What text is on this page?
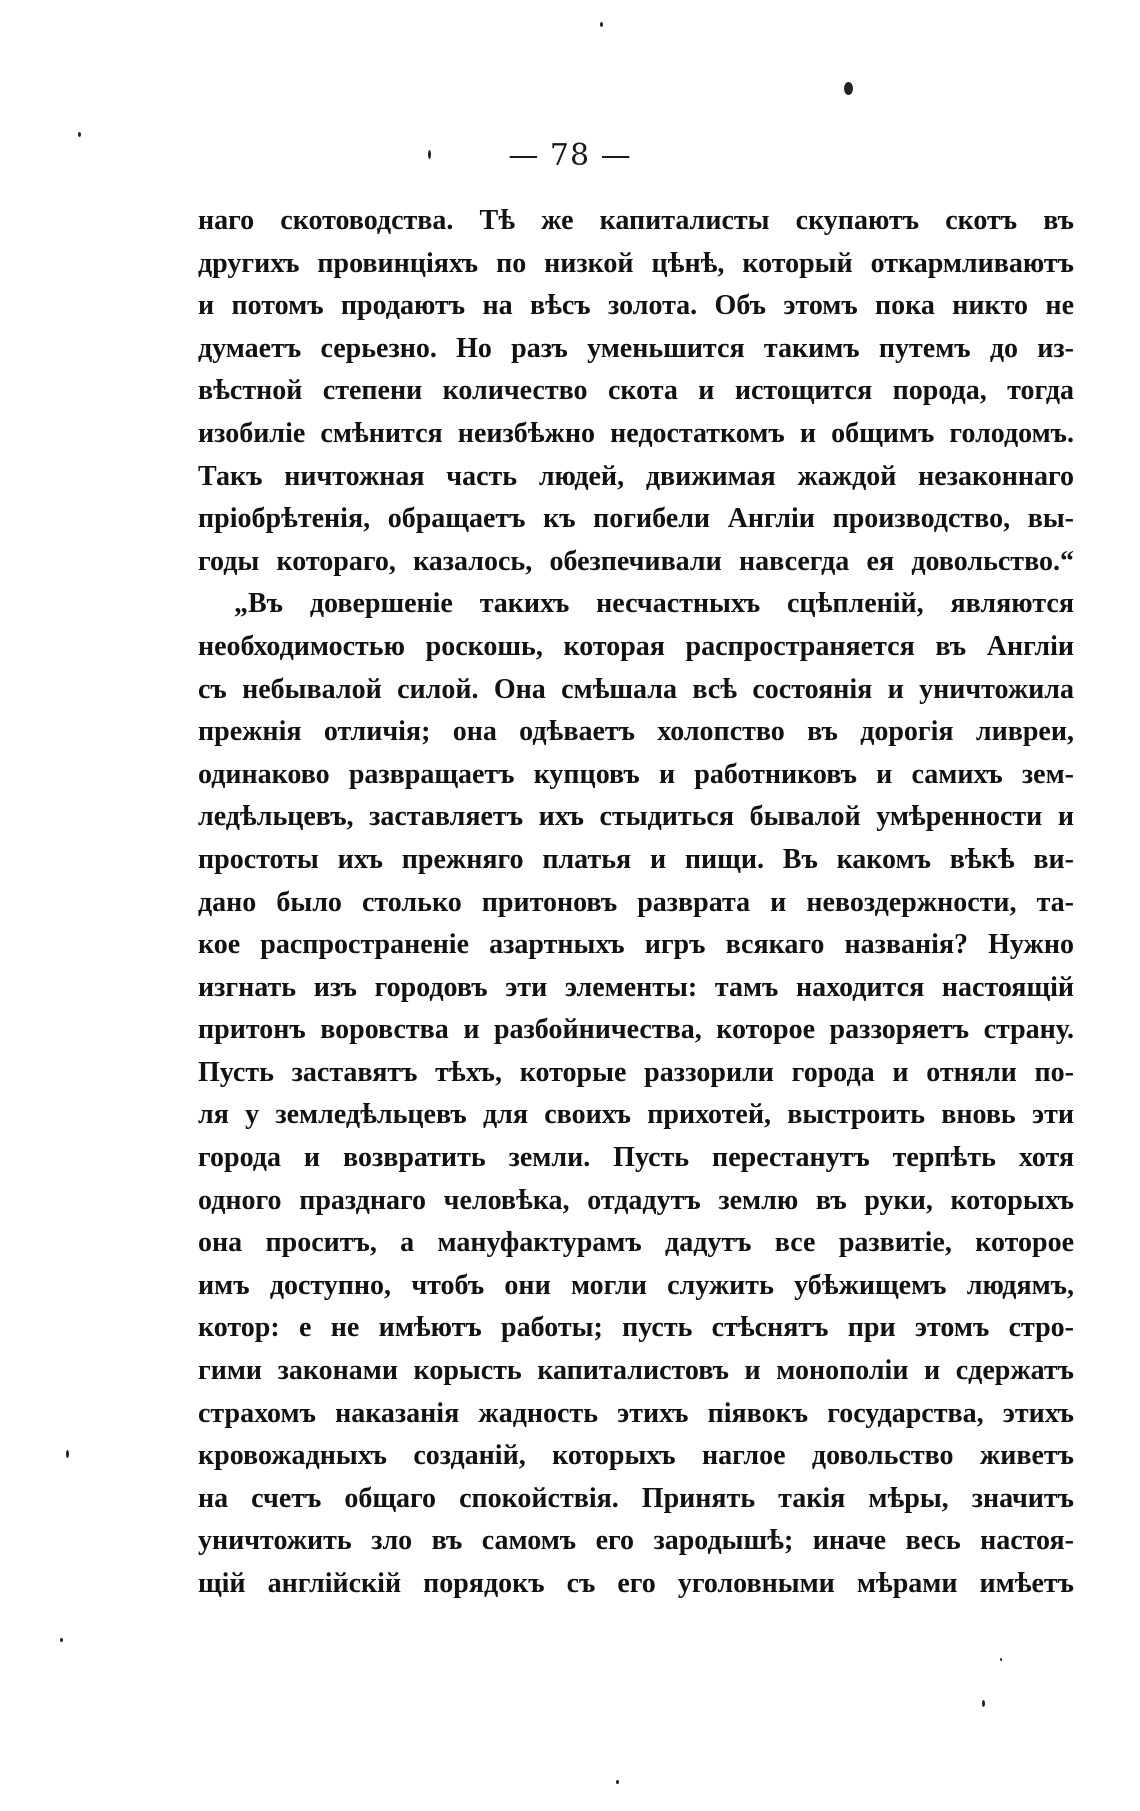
— 78 —
наго скотоводства. Тѣ же капиталисты скупаютъ скотъ въ
другихъ провинціяхъ по низкой цѣнѣ, который откармливаютъ
и потомъ продаютъ на вѣсъ золота. Объ этомъ пока никто не
думаетъ серьезно. Но разъ уменьшится такимъ путемъ до из-
вѣстной степени количество скота и истощится порода, тогда
изобиліе смѣнится неизбѣжно недостаткомъ и общимъ голодомъ.
Такъ ничтожная часть людей, движимая жаждой незаконнаго
пріобрѣтенія, обращаетъ къ погибели Англіи производство, вы-
годы котораго, казалось, обезпечивали навсегда ея довольство.“
„Въ довершеніе такихъ несчастныхъ сцѣпленій, являются
необходимостью роскошь, которая распространяется въ Англіи
съ небывалой силой. Она смѣшала всѣ состоянія и уничтожила
прежнія отличія; она одѣваетъ холопство въ дорогія ливреи,
одинаково развращаетъ купцовъ и работниковъ и самихъ зем-
ледѣльцевъ, заставляетъ ихъ стыдиться бывалой умѣренности и
простоты ихъ прежняго платья и пищи. Въ какомъ вѣкѣ ви-
дано было столько притоновъ разврата и невоздержности, та-
кое распространеніе азартныхъ игръ всякаго названія? Нужно
изгнать изъ городовъ эти элементы: тамъ находится настоящій
притонъ воровства и разбойничества, которое раззоряетъ страну.
Пусть заставятъ тѣхъ, которые раззорили города и отняли по-
ля у земледѣльцевъ для своихъ прихотей, выстроить вновь эти
города и возвратить земли. Пусть перестанутъ терпѣть хотя
одного празднаго человѣка, отдадутъ землю въ руки, которыхъ
она проситъ, а мануфактурамъ дадутъ все развитіе, которое
имъ доступно, чтобъ они могли служить убѣжищемъ людямъ,
котор: е не имѣютъ работы; пусть стѣснятъ при этомъ стро-
гими законами корысть капиталистовъ и монополіи и сдержатъ
страхомъ наказанія жадность этихъ піявокъ государства, этихъ
кровожадныхъ созданій, которыхъ наглое довольство живетъ
на счетъ общаго спокойствія. Принять такія мѣры, значитъ
уничтожить зло въ самомъ его зародышѣ; иначе весь настоя-
щій англійскій порядокъ съ его уголовными мѣрами имѣетъ
